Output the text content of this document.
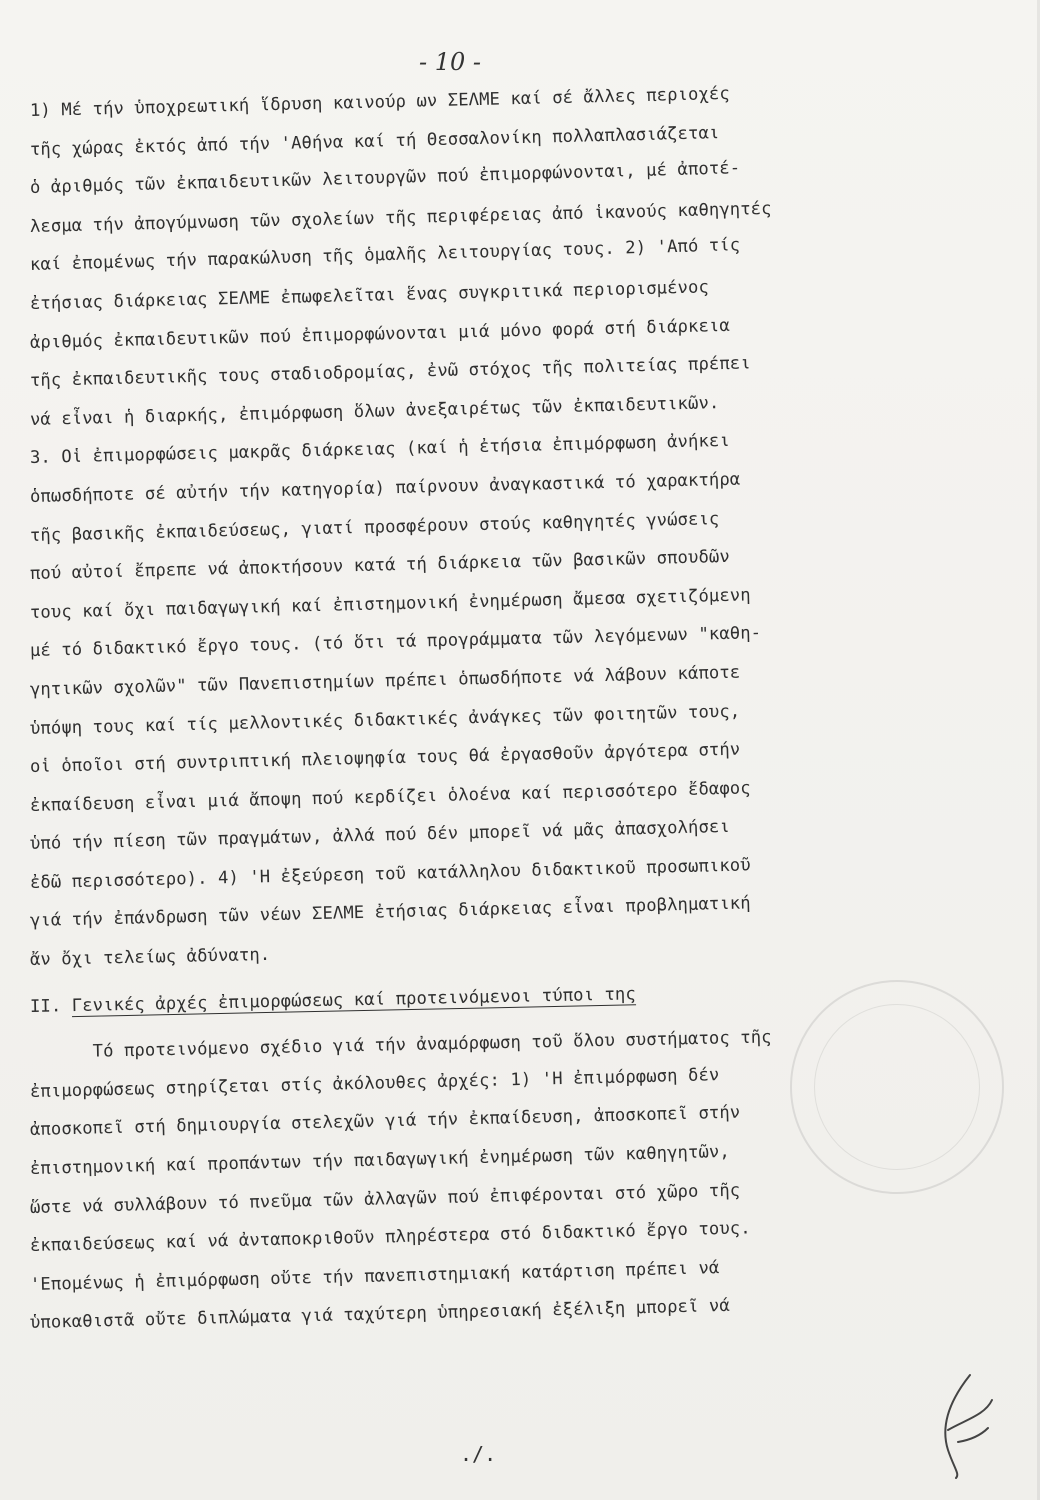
- 10 -
1) Μέ τήν ὑποχρεωτική ἵδρυση καινούρ ων ΣΕΛΜΕ καί σέ ἄλλες περιοχές
τῆς χώρας ἐκτός ἀπό τήν 'Αθήνα καί τή Θεσσαλονίκη πολλαπλασιάζεται
ὁ ἀριθμός τῶν ἐκπαιδευτικῶν λειτουργῶν πού ἐπιμορφώνονται, μέ ἀποτέ-
λεσμα τήν ἀπογύμνωση τῶν σχολείων τῆς περιφέρειας ἀπό ἱκανούς καθηγητές
καί ἐπομένως τήν παρακώλυση τῆς ὁμαλῆς λειτουργίας τους. 2) 'Από τίς
ἐτήσιας διάρκειας ΣΕΛΜΕ ἐπωφελεῖται ἕνας συγκριτικά περιορισμένος
ἀριθμός ἐκπαιδευτικῶν πού ἐπιμορφώνονται μιά μόνο φορά στή διάρκεια
τῆς ἐκπαιδευτικῆς τους σταδιοδρομίας, ἐνῶ στόχος τῆς πολιτείας πρέπει
νά εἶναι ἡ διαρκής, ἐπιμόρφωση ὅλων ἀνεξαιρέτως τῶν ἐκπαιδευτικῶν.
3. Οἱ ἐπιμορφώσεις μακρᾶς διάρκειας (καί ἡ ἐτήσια ἐπιμόρφωση ἀνήκει
ὁπωσδήποτε σέ αὐτήν τήν κατηγορία) παίρνουν ἀναγκαστικά τό χαρακτήρα
τῆς βασικῆς ἐκπαιδεύσεως, γιατί προσφέρουν στούς καθηγητές γνώσεις
πού αὐτοί ἔπρεπε νά ἀποκτήσουν κατά τή διάρκεια τῶν βασικῶν σπουδῶν
τους καί ὄχι παιδαγωγική καί ἐπιστημονική ἐνημέρωση ἄμεσα σχετιζόμενη
μέ τό διδακτικό ἔργο τους. (τό ὅτι τά προγράμματα τῶν λεγόμενων "καθη-
γητικῶν σχολῶν" τῶν Πανεπιστημίων πρέπει ὁπωσδήποτε νά λάβουν κάποτε
ὑπόψη τους καί τίς μελλοντικές διδακτικές ἀνάγκες τῶν φοιτητῶν τους,
οἱ ὁποῖοι στή συντριπτική πλειοψηφία τους θά ἐργασθοῦν ἀργότερα στήν
ἐκπαίδευση εἶναι μιά ἄποψη πού κερδίζει ὁλοένα καί περισσότερο ἔδαφος
ὑπό τήν πίεση τῶν πραγμάτων, ἀλλά πού δέν μπορεῖ νά μᾶς ἀπασχολήσει
ἐδῶ περισσότερο). 4) 'Η ἐξεύρεση τοῦ κατάλληλου διδακτικοῦ προσωπικοῦ
γιά τήν ἐπάνδρωση τῶν νέων ΣΕΛΜΕ ἐτήσιας διάρκειας εἶναι προβληματική
ἄν ὄχι τελείως ἀδύνατη.
II. Γενικές ἀρχές ἐπιμορφώσεως καί προτεινόμενοι τύποι της
Τό προτεινόμενο σχέδιο γιά τήν ἀναμόρφωση τοῦ ὅλου συστήματος τῆς
ἐπιμορφώσεως στηρίζεται στίς ἀκόλουθες ἀρχές: 1) 'Η ἐπιμόρφωση δέν
ἀποσκοπεῖ στή δημιουργία στελεχῶν γιά τήν ἐκπαίδευση, ἀποσκοπεῖ στήν
ἐπιστημονική καί προπάντων τήν παιδαγωγική ἐνημέρωση τῶν καθηγητῶν,
ὥστε νά συλλάβουν τό πνεῦμα τῶν ἀλλαγῶν πού ἐπιφέρονται στό χῶρο τῆς
ἐκπαιδεύσεως καί νά ἀνταποκριθοῦν πληρέστερα στό διδακτικό ἔργο τους.
'Επομένως ἡ ἐπιμόρφωση οὔτε τήν πανεπιστημιακή κατάρτιση πρέπει νά
ὑποκαθιστᾶ οὔτε διπλώματα γιά ταχύτερη ὑπηρεσιακή ἐξέλιξη μπορεῖ νά
./.
